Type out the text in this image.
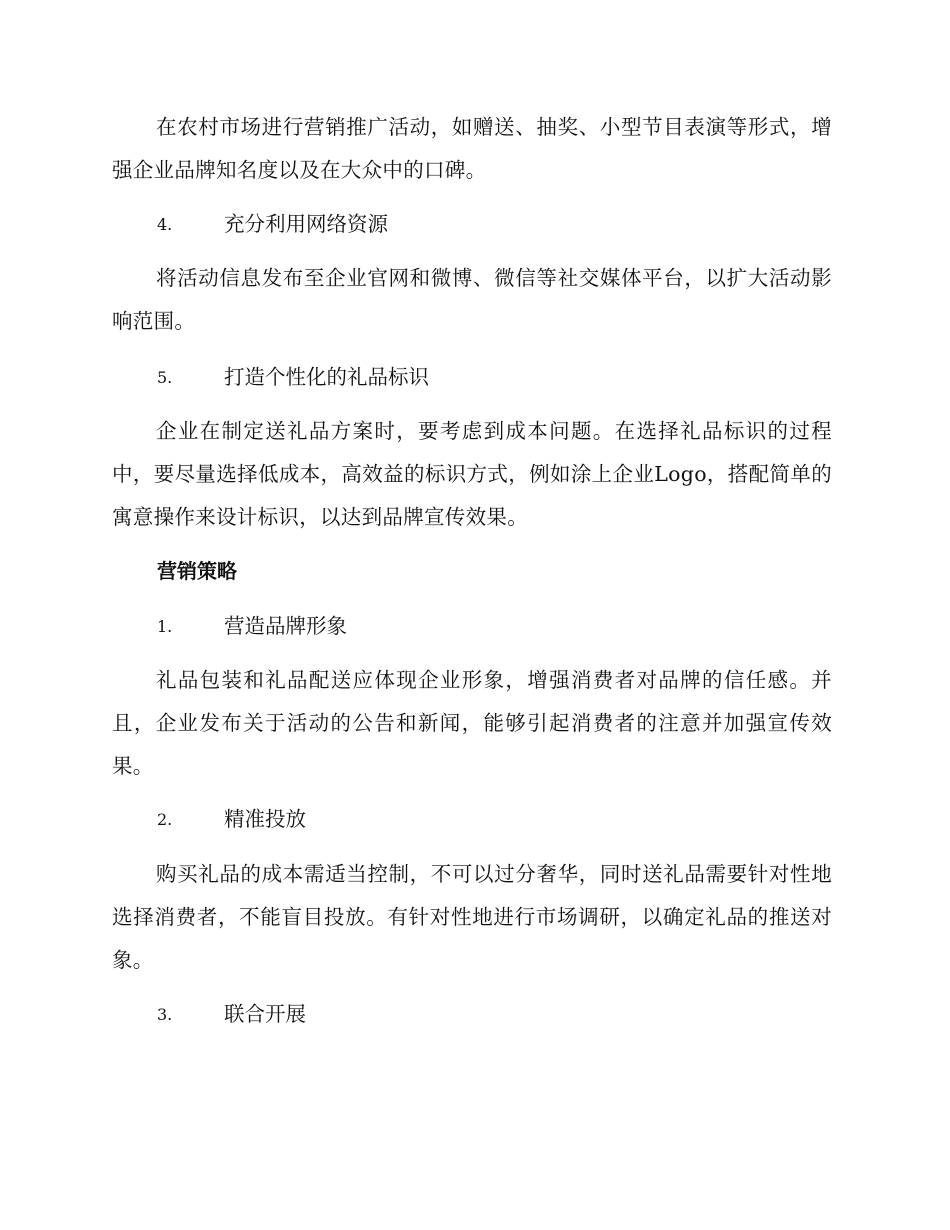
在农村市场进行营销推广活动，如赠送、抽奖、小型节目表演等形式，增强企业品牌知名度以及在大众中的口碑。
4.	充分利用网络资源
将活动信息发布至企业官网和微博、微信等社交媒体平台，以扩大活动影响范围。
5.	打造个性化的礼品标识
企业在制定送礼品方案时，要考虑到成本问题。在选择礼品标识的过程中，要尽量选择低成本，高效益的标识方式，例如涂上企业Logo，搭配简单的寓意操作来设计标识，以达到品牌宣传效果。
营销策略
1.	营造品牌形象
礼品包装和礼品配送应体现企业形象，增强消费者对品牌的信任感。并且，企业发布关于活动的公告和新闻，能够引起消费者的注意并加强宣传效果。
2.	精准投放
购买礼品的成本需适当控制，不可以过分奢华，同时送礼品需要针对性地选择消费者，不能盲目投放。有针对性地进行市场调研，以确定礼品的推送对象。
3.	联合开展
